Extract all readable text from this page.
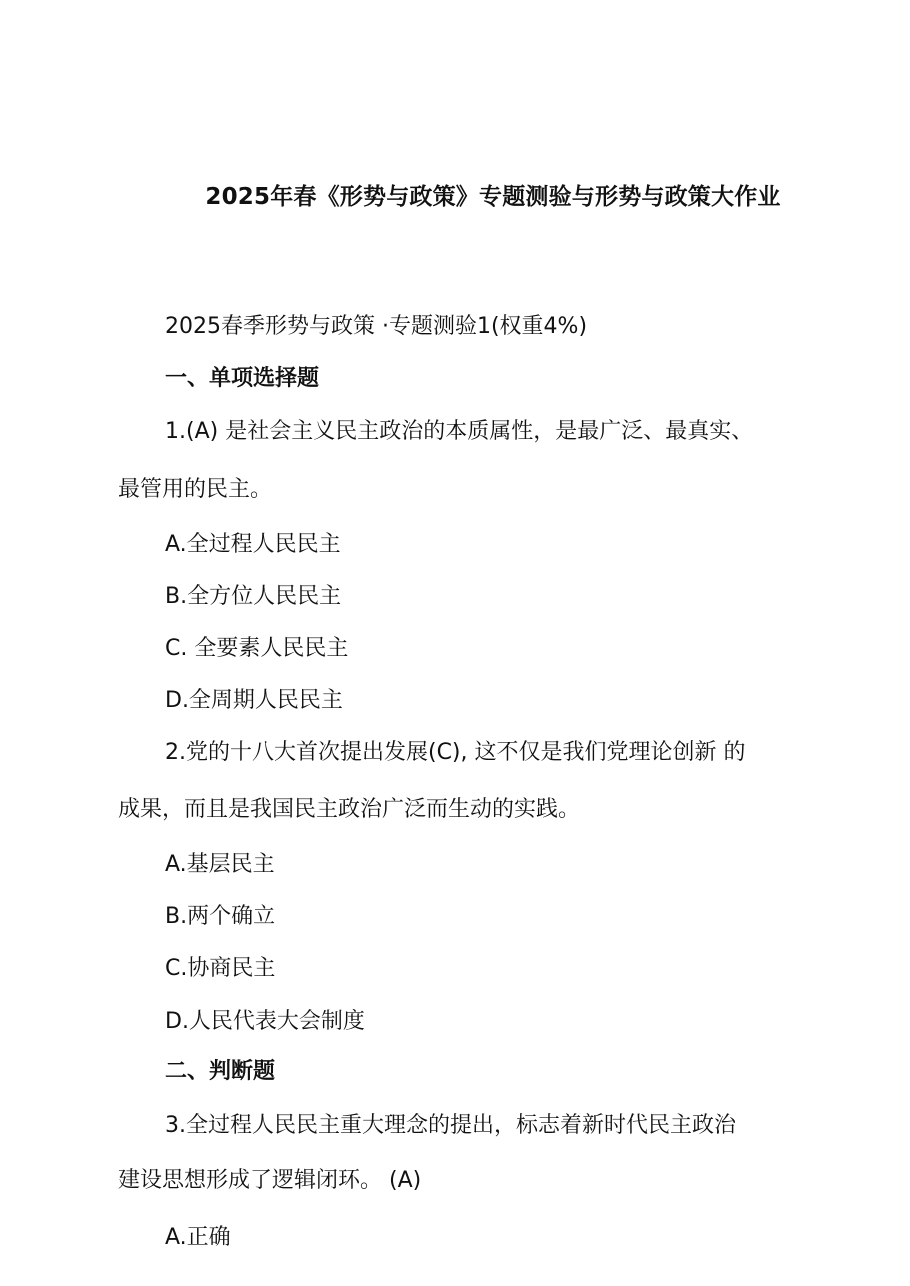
2025年春《形势与政策》专题测验与形势与政策大作业
2025春季形势与政策 ·专题测验1(权重4%)
一、单项选择题
1.(A) 是社会主义民主政治的本质属性，是最广泛、最真实、
最管用的民主。
A.全过程人民民主
B.全方位人民民主
C. 全要素人民民主
D.全周期人民民主
2.党的十八大首次提出发展(C), 这不仅是我们党理论创新 的
成果，而且是我国民主政治广泛而生动的实践。
A.基层民主
B.两个确立
C.协商民主
D.人民代表大会制度
二、判断题
3.全过程人民民主重大理念的提出，标志着新时代民主政治
建设思想形成了逻辑闭环。 (A)
A.正确
